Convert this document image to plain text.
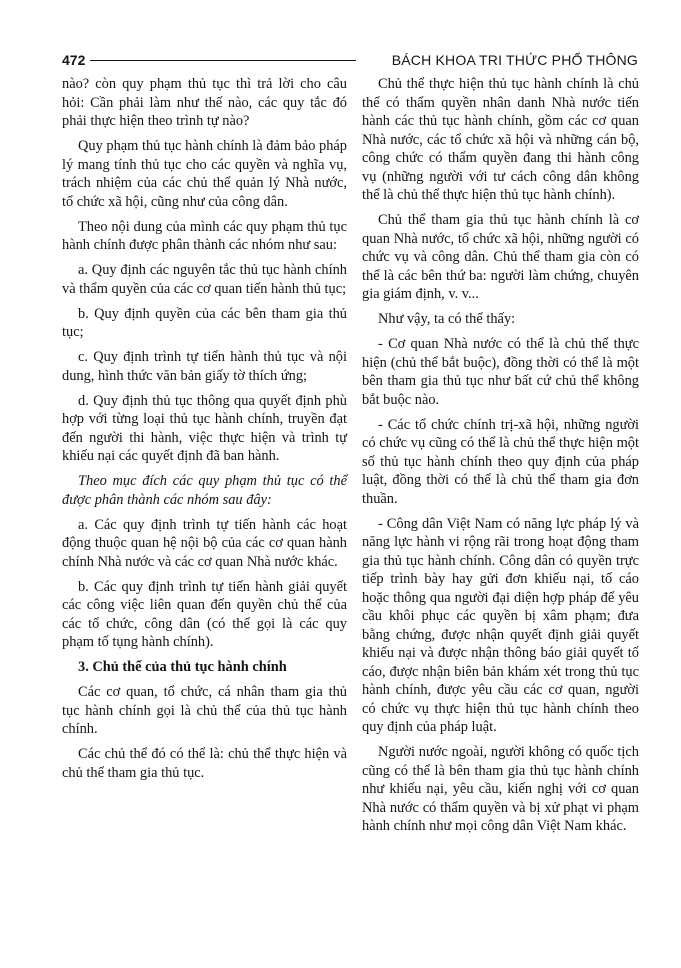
472	BÁCH KHOA TRI THỨC PHỔ THÔNG

nào? còn quy phạm thủ tục thì trả lời cho câu hỏi: Cần phải làm như thế nào, các quy tắc đó phải thực hiện theo trình tự nào?

Quy phạm thủ tục hành chính là đảm bảo pháp lý mang tính thủ tục cho các quyền và nghĩa vụ, trách nhiệm của các chủ thể quản lý Nhà nước, tổ chức xã hội, cũng như của công dân.

Theo nội dung của mình các quy phạm thủ tục hành chính được phân thành các nhóm như sau:

a. Quy định các nguyên tắc thủ tục hành chính và thẩm quyền của các cơ quan tiến hành thủ tục;

b. Quy định quyền của các bên tham gia thủ tục;

c. Quy định trình tự tiến hành thủ tục và nội dung, hình thức văn bản giấy tờ thích ứng;

d. Quy định thủ tục thông qua quyết định phù hợp với từng loại thủ tục hành chính, truyền đạt đến người thi hành, việc thực hiện và trình tự khiếu nại các quyết định đã ban hành.

Theo mục đích các quy phạm thủ tục có thể được phân thành các nhóm sau đây:

a. Các quy định trình tự tiến hành các hoạt động thuộc quan hệ nội bộ của các cơ quan hành chính Nhà nước và các cơ quan Nhà nước khác.

b. Các quy định trình tự tiến hành giải quyết các công việc liên quan đến quyền chủ thể của các tổ chức, công dân (có thể gọi là các quy phạm tố tụng hành chính).

3. Chủ thể của thủ tục hành chính

Các cơ quan, tổ chức, cá nhân tham gia thủ tục hành chính gọi là chủ thể của thủ tục hành chính.

Các chủ thể đó có thể là: chủ thể thực hiện và chủ thể tham gia thủ tục.

Chủ thể thực hiện thủ tục hành chính là chủ thể có thẩm quyền nhân danh Nhà nước tiến hành các thủ tục hành chính, gồm các cơ quan Nhà nước, các tổ chức xã hội và những cán bộ, công chức có thẩm quyền đang thi hành công vụ (những người với tư cách công dân không thể là chủ thể thực hiện thủ tục hành chính).

Chủ thể tham gia thủ tục hành chính là cơ quan Nhà nước, tổ chức xã hội, những người có chức vụ và công dân. Chủ thể tham gia còn có thể là các bên thứ ba: người làm chứng, chuyên gia giám định, v. v...

Như vậy, ta có thể thấy:

- Cơ quan Nhà nước có thể là chủ thể thực hiện (chủ thể bắt buộc), đồng thời có thể là một bên tham gia thủ tục như bất cứ chủ thể không bắt buộc nào.

- Các tổ chức chính trị-xã hội, những người có chức vụ cũng có thể là chủ thể thực hiện một số thủ tục hành chính theo quy định của pháp luật, đồng thời có thể là chủ thể tham gia đơn thuần.

- Công dân Việt Nam có năng lực pháp lý và năng lực hành vi rộng rãi trong hoạt động tham gia thủ tục hành chính. Công dân có quyền trực tiếp trình bày hay gửi đơn khiếu nại, tố cáo hoặc thông qua người đại diện hợp pháp để yêu cầu khôi phục các quyền bị xâm phạm; đưa bằng chứng, được nhận quyết định giải quyết khiếu nại và được nhận thông báo giải quyết tố cáo, được nhận biên bản khám xét trong thủ tục hành chính, được yêu cầu các cơ quan, người có chức vụ thực hiện thủ tục hành chính theo quy định của pháp luật.

Người nước ngoài, người không có quốc tịch cũng có thể là bên tham gia thủ tục hành chính như khiếu nại, yêu cầu, kiến nghị với cơ quan Nhà nước có thẩm quyền và bị xử phạt vi phạm hành chính như mọi công dân Việt Nam khác.
